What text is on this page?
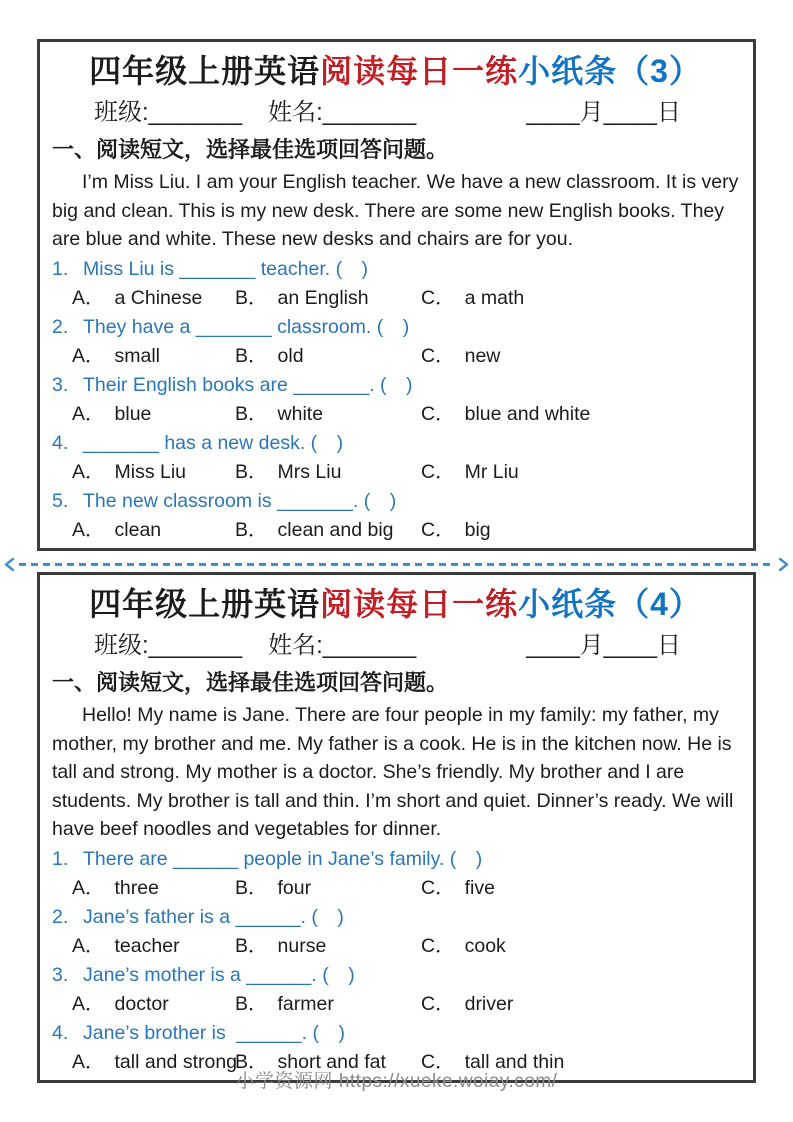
四年级上册英语阅读每日一练小纸条（3）
班级: _______ 姓名: _______	____月____日
一、阅读短文，选择最佳选项回答问题。
I’m Miss Liu. I am your English teacher. We have a new classroom. It is very big and clean. This is my new desk. There are some new English books. They are blue and white. These new desks and chairs are for you.
1. Miss Liu is _______ teacher. (　)
A． a Chinese B． an English	C． a math
2. They have a _______ classroom. (　)
A． small	B． old	C． new
3. Their English books are _______. (　)
A． blue	B． white	C． blue and white
4. _______ has a new desk. (　)
A． Miss Liu	B． Mrs Liu	C． Mr Liu
5. The new classroom is _______. (　)
A． clean	B． clean and big C． big
四年级上册英语阅读每日一练小纸条（4）
班级: _______ 姓名: _______	____月____日
一、阅读短文，选择最佳选项回答问题。
Hello! My name is Jane. There are four people in my family: my father, my mother, my brother and me. My father is a cook. He is in the kitchen now. He is tall and strong. My mother is a doctor. She’s friendly. My brother and I are students. My brother is tall and thin. I’m short and quiet. Dinner’s ready. We will have beef noodles and vegetables for dinner.
1. There are ______ people in Jane’s family. (　)
A． three	B． four	C． five
2. Jane’s father is a ______. (　)
A． teacher	B． nurse	C． cook
3. Jane’s mother is a ______. (　)
A． doctor	B． farmer	C． driver
4. Jane’s brother is  ______. (　)
A． tall and strong
B． short and fat C． tall and thin
小学资源网 https://xueke.woiay.com/
